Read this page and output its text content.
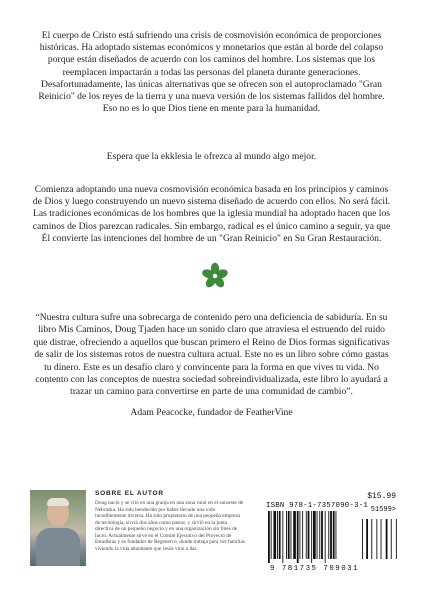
El cuerpo de Cristo está sufriendo una crisis de cosmovisión económica de proporciones históricas. Ha adoptado sistemas económicos y monetarios que están al borde del colapso porque están diseñados de acuerdo con los caminos del hombre. Los sistemas que los reemplacen impactarán a todas las personas del planeta durante generaciones. Desafortunadamente, las únicas alternativas que se ofrecen son el autoproclamado "Gran Reinicio" de los reyes de la tierra y una nueva versión de los sistemas fallidos del hombre. Eso no es lo que Dios tiene en mente para la humanidad.

Espera que la ekklesia le ofrezca al mundo algo mejor.

Comienza adoptando una nueva cosmovisión económica basada en los principios y caminos de Dios y luego construyendo un nuevo sistema diseñado de acuerdo con ellos. No será fácil. Las tradiciones económicas de los hombres que la iglesia mundial ha adoptado hacen que los caminos de Dios parezcan radicales. Sin embargo, radical es el único camino a seguir, ya que Él convierte las intenciones del hombre de un "Gran Reinicio" en Su Gran Restauración.

“Nuestra cultura sufre una sobrecarga de contenido pero una deficiencia de sabiduría. En su libro Mis Caminos, Doug Tjaden hace un sonido claro que atraviesa el estruendo del ruido que distrae, ofreciendo a aquellos que buscan primero el Reino de Dios formas significativas de salir de los sistemas rotos de nuestra cultura actual. Este no es un libro sobre cómo gastas tu dinero. Este es un desafío claro y convincente para la forma en que vives tu vida. No contento con las conceptos de nuestra sociedad sobreindividualizada, este libro lo ayudará a trazar un camino para convertirse en parte de una comunidad de cambio”.

Adam Peacocke, fundador de FeatherVine

SOBRE EL AUTOR

Doug nació y se crió en una granja en una zona rural en el suroeste de Nebraska. Ha sido bendecido por haber llevado una vida increíblemente diversa. Ha sido propietario de una pequeña empresa de tecnología, sirvió dos años como pastor, y sirvió en la junta directiva de un pequeño negocio y en una organización sin fines de lucro. Actualmente sirve en el Comité Ejecutivo del Proyecto de Estadistas y es fundador de Regenerco, donde trabaja para ver familias viviendo la vida abundante que Jesús vino a dar.

$15.99
ISBN 978-1-7357090-3-1 51599>
9 781735 709031
